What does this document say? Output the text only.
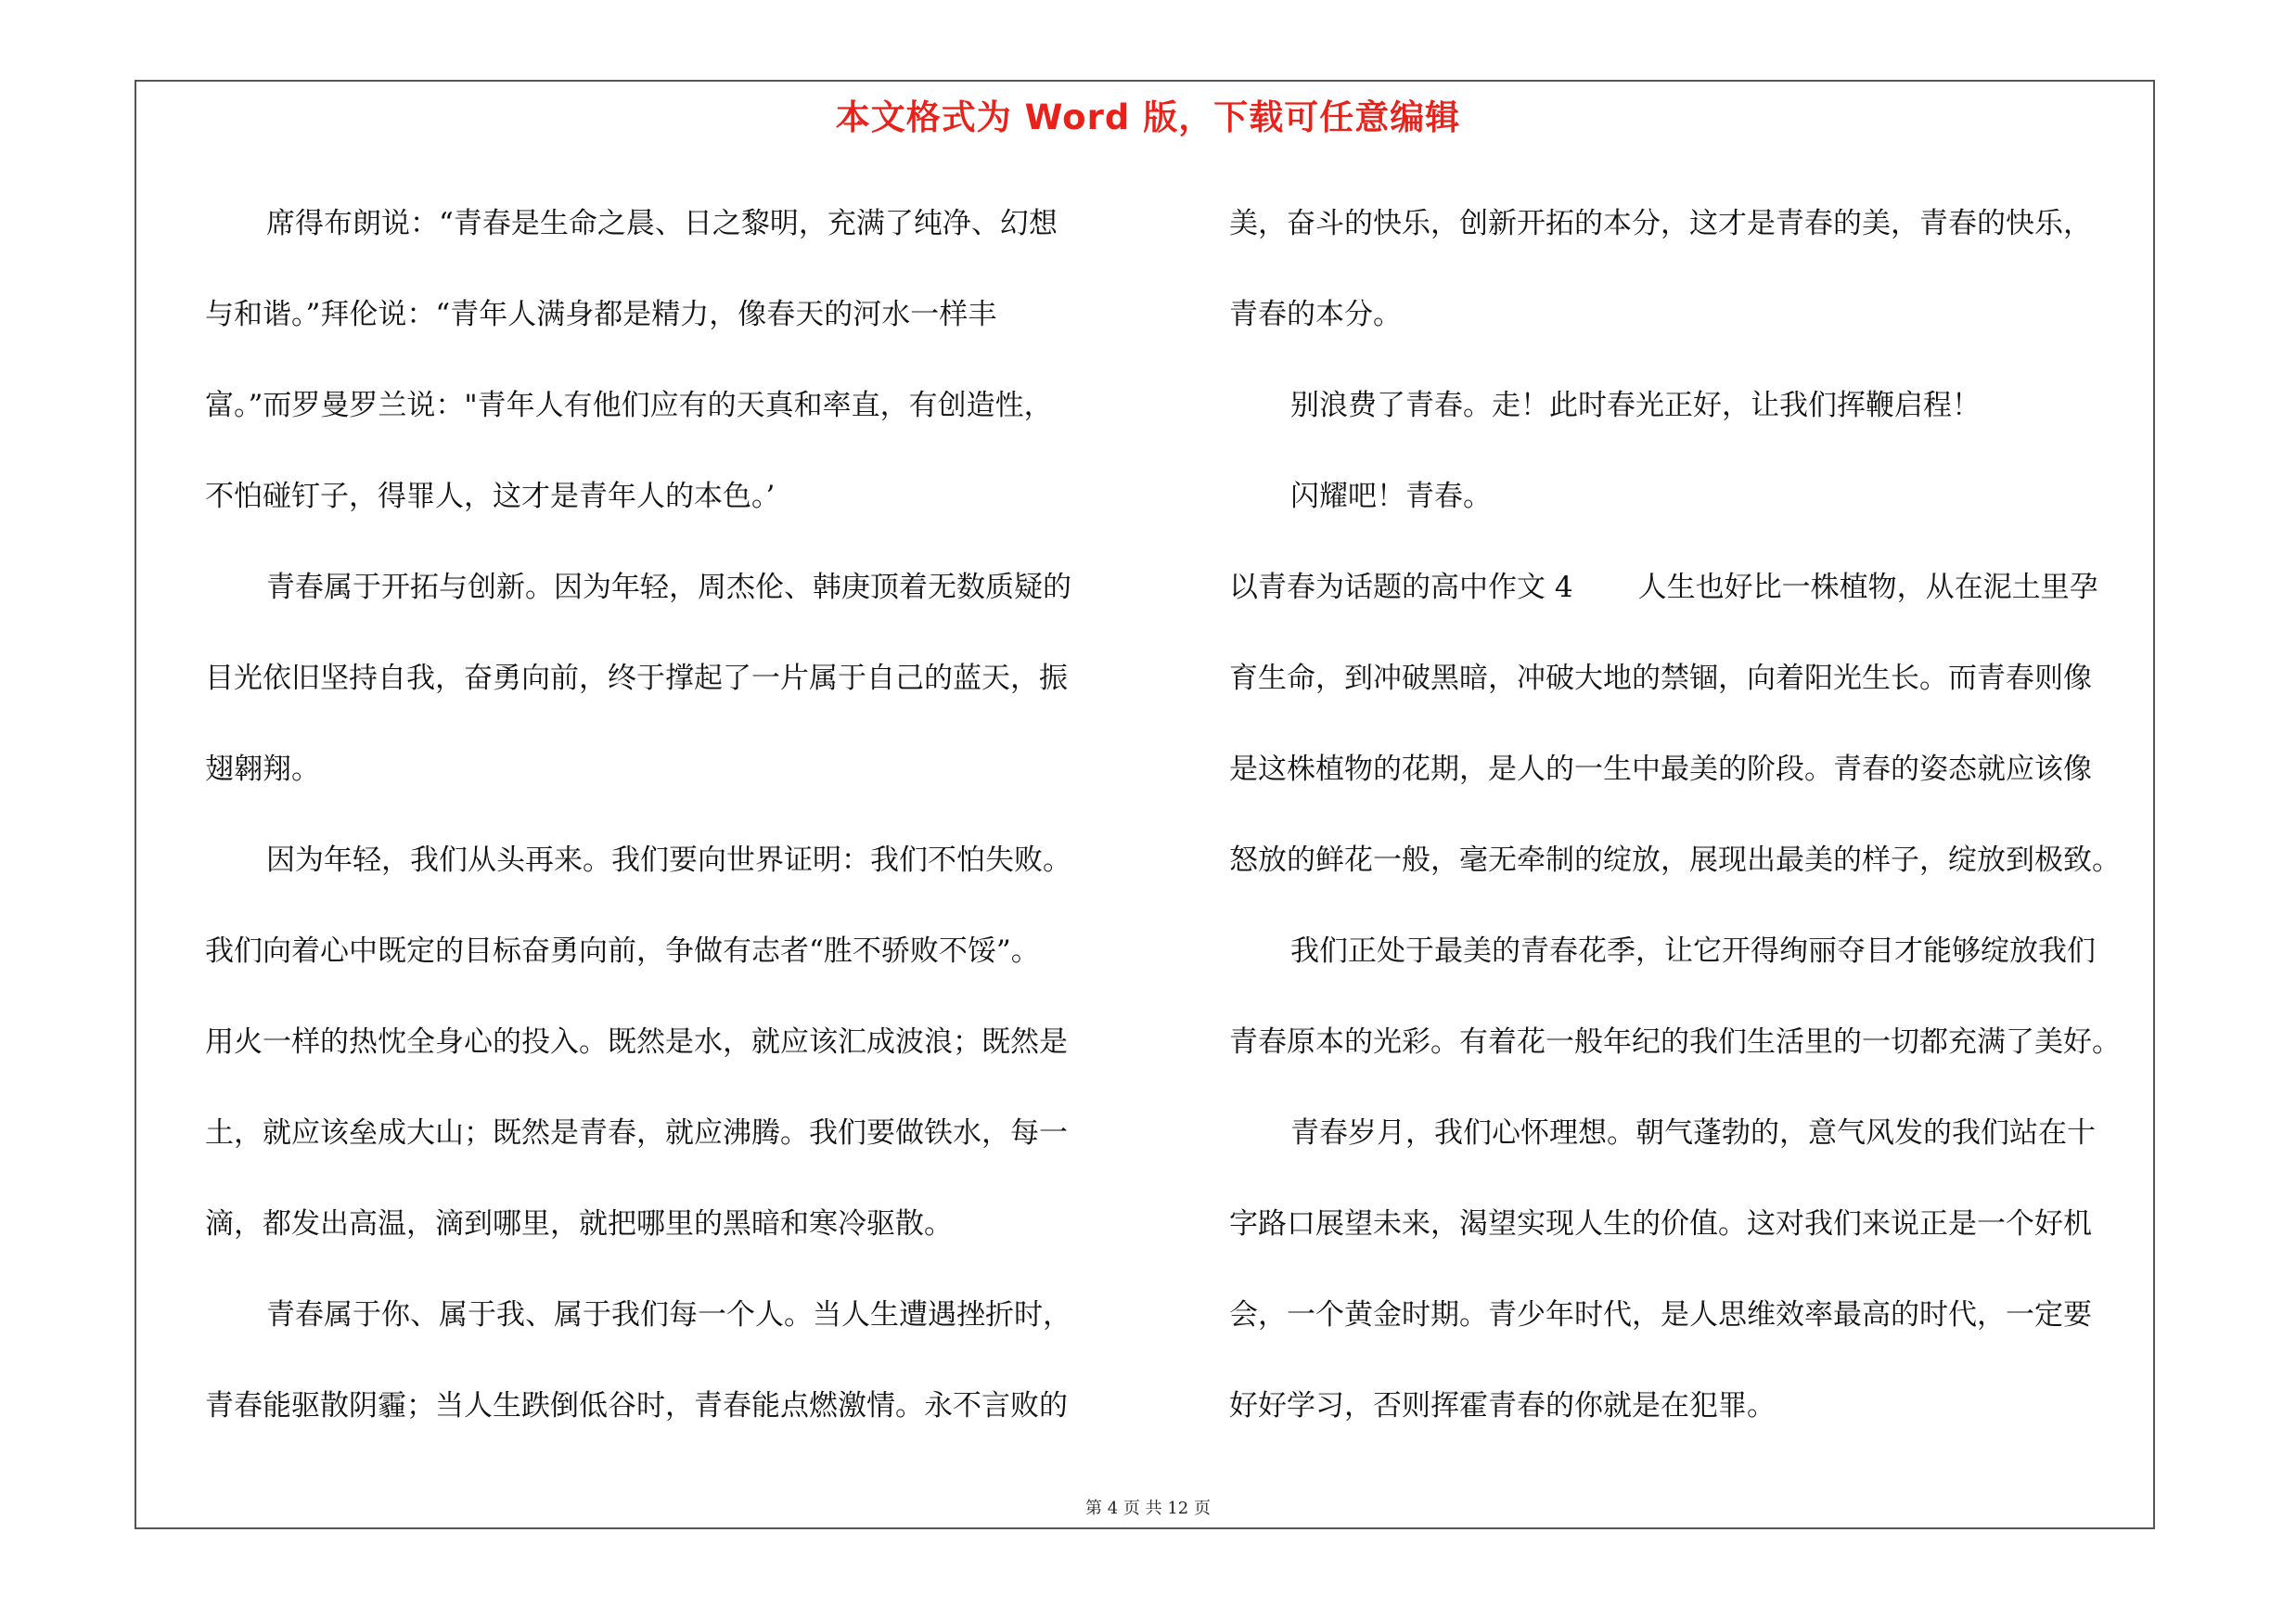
本文格式为 Word 版，下载可任意编辑
席得布朗说：“青春是生命之晨、日之黎明，充满了纯净、幻想
与和谐。”拜伦说：“青年人满身都是精力，像春天的河水一样丰
富。”而罗曼罗兰说："青年人有他们应有的天真和率直，有创造性，
不怕碰钉子，得罪人，这才是青年人的本色。’
青春属于开拓与创新。因为年轻，周杰伦、韩庚顶着无数质疑的
目光依旧坚持自我，奋勇向前，终于撑起了一片属于自己的蓝天，振
翅翱翔。
因为年轻，我们从头再来。我们要向世界证明：我们不怕失败。
我们向着心中既定的目标奋勇向前，争做有志者“胜不骄败不馁”。
用火一样的热忱全身心的投入。既然是水，就应该汇成波浪；既然是
土，就应该垒成大山；既然是青春，就应沸腾。我们要做铁水，每一
滴，都发出高温，滴到哪里，就把哪里的黑暗和寒冷驱散。
青春属于你、属于我、属于我们每一个人。当人生遭遇挫折时，
青春能驱散阴霾；当人生跌倒低谷时，青春能点燃激情。永不言败的
美，奋斗的快乐，创新开拓的本分，这才是青春的美，青春的快乐，
青春的本分。
别浪费了青春。走！此时春光正好，让我们挥鞭启程！
闪耀吧！青春。
以青春为话题的高中作文 4 人生也好比一株植物，从在泥土里孕
育生命，到冲破黑暗，冲破大地的禁锢，向着阳光生长。而青春则像
是这株植物的花期，是人的一生中最美的阶段。青春的姿态就应该像
怒放的鲜花一般，毫无牵制的绽放，展现出最美的样子，绽放到极致。
我们正处于最美的青春花季，让它开得绚丽夺目才能够绽放我们
青春原本的光彩。有着花一般年纪的我们生活里的一切都充满了美好。
青春岁月，我们心怀理想。朝气蓬勃的，意气风发的我们站在十
字路口展望未来，渴望实现人生的价值。这对我们来说正是一个好机
会，一个黄金时期。青少年时代，是人思维效率最高的时代，一定要
好好学习，否则挥霍青春的你就是在犯罪。
第 4 页 共 12 页
